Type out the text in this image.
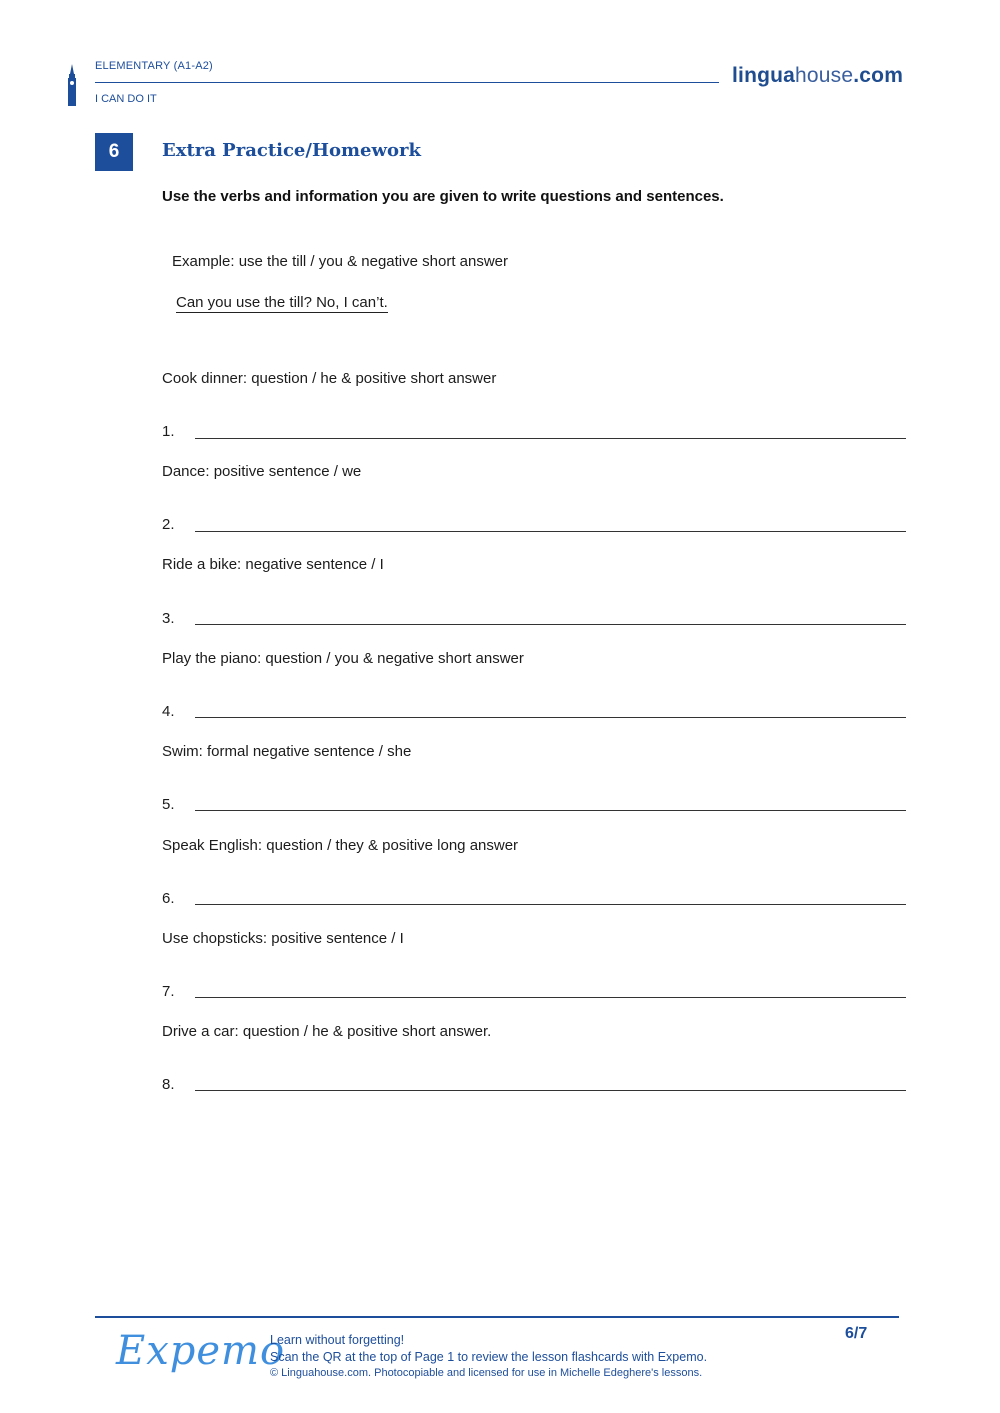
ELEMENTARY (A1-A2)
I CAN DO IT
linguahouse.com
6	Extra Practice/Homework
Use the verbs and information you are given to write questions and sentences.
Example: use the till / you & negative short answer
Can you use the till? No, I can’t.
Cook dinner: question / he & positive short answer
1.
Dance: positive sentence / we
2.
Ride a bike: negative sentence / I
3.
Play the piano: question / you & negative short answer
4.
Swim: formal negative sentence / she
5.
Speak English: question / they & positive long answer
6.
Use chopsticks: positive sentence / I
7.
Drive a car: question / he & positive short answer.
8.
Expemo
Learn without forgetting!
Scan the QR at the top of Page 1 to review the lesson flashcards with Expemo.
© Linguahouse.com. Photocopiable and licensed for use in Michelle Edeghere's lessons.
6/7
